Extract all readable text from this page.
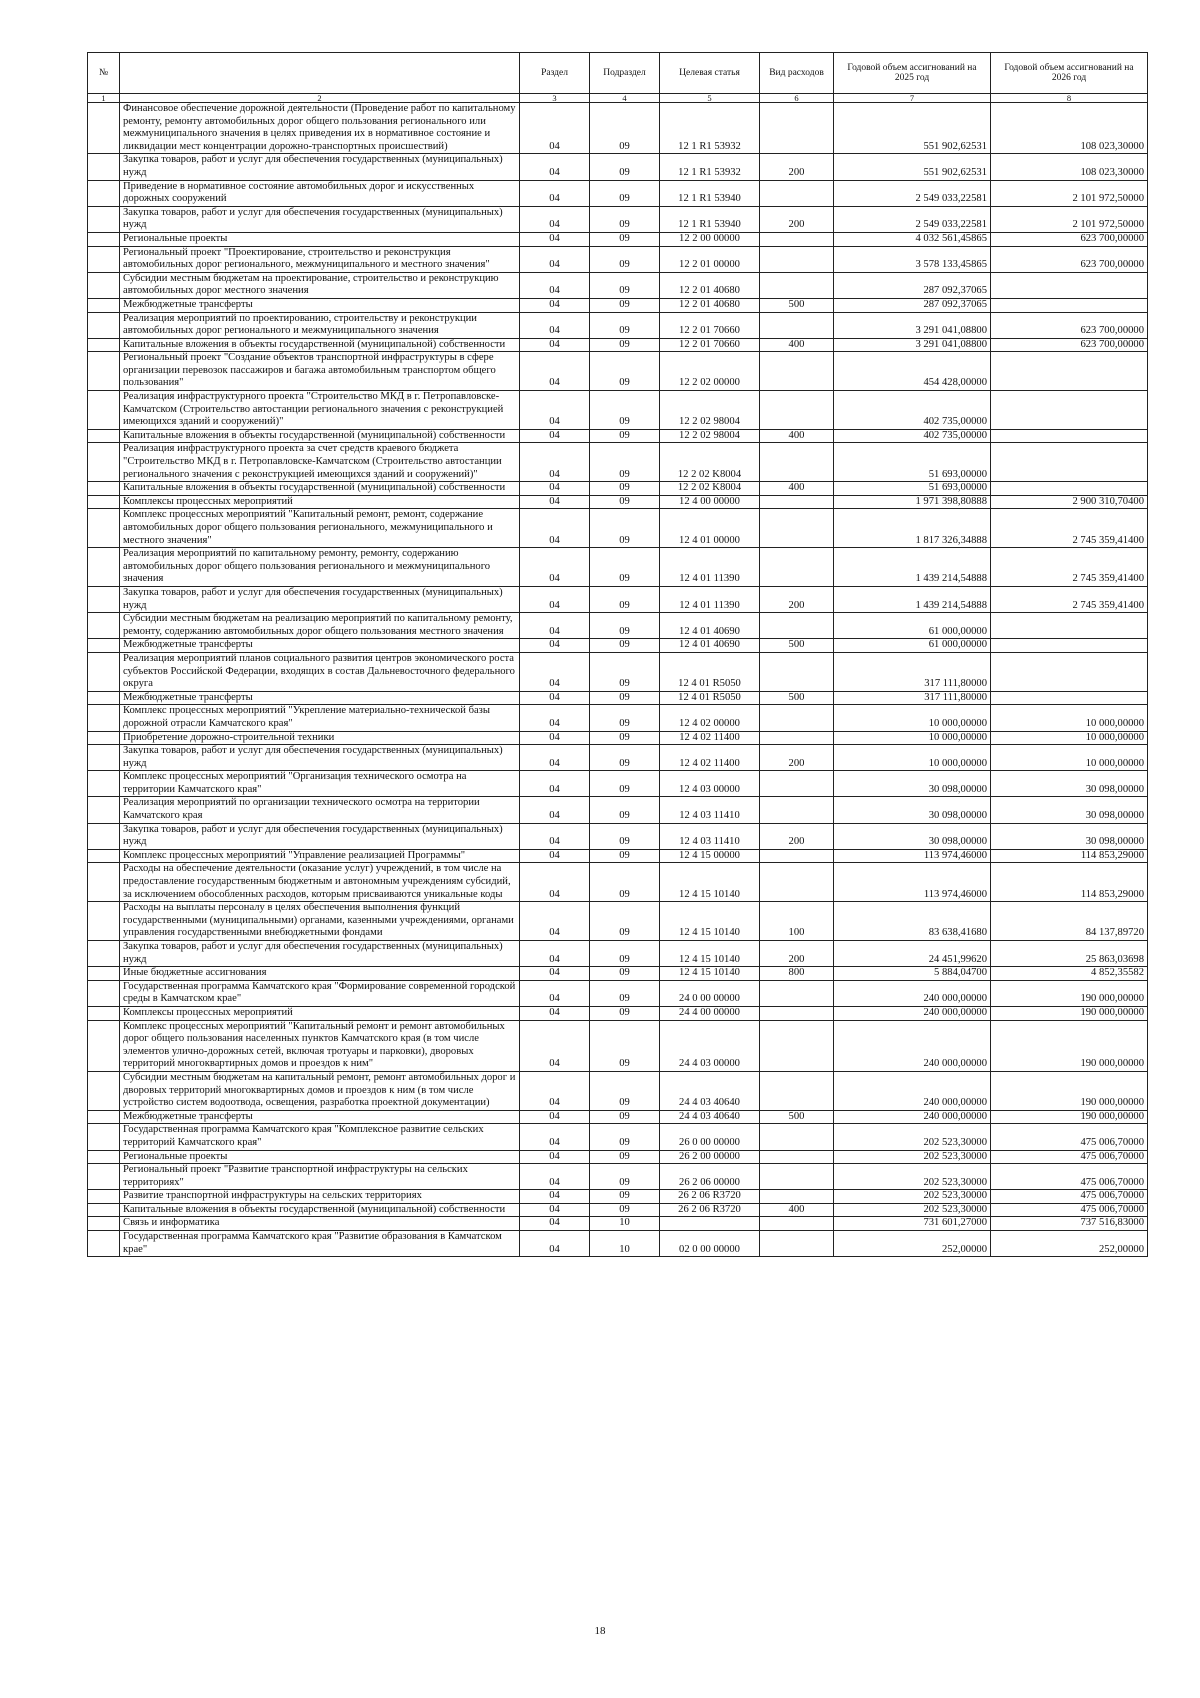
№		Раздел	Подраздел	Целевая статья	Вид расходов	Годовой объем ассигнований на 2025 год	Годовой объем ассигнований на 2026 год
1	2	3	4	5	6	7	8
	Финансовое обеспечение дорожной деятельности (Проведение работ по капитальному ремонту, ремонту автомобильных дорог общего пользования регионального или межмуниципального значения в целях приведения их в нормативное состояние и ликвидации мест концентрации дорожно-транспортных происшествий)	04	09	12 1 R1 53932		551 902,62531	108 023,30000
	Закупка товаров, работ и услуг для обеспечения государственных (муниципальных) нужд	04	09	12 1 R1 53932	200	551 902,62531	108 023,30000
	Приведение в нормативное состояние автомобильных дорог и искусственных дорожных сооружений	04	09	12 1 R1 53940		2 549 033,22581	2 101 972,50000
	Закупка товаров, работ и услуг для обеспечения государственных (муниципальных) нужд	04	09	12 1 R1 53940	200	2 549 033,22581	2 101 972,50000
	Региональные проекты	04	09	12 2 00 00000		4 032 561,45865	623 700,00000
	Региональный проект "Проектирование, строительство и реконструкция автомобильных дорог регионального, межмуниципального и местного значения"	04	09	12 2 01 00000		3 578 133,45865	623 700,00000
	Субсидии местным бюджетам на проектирование, строительство и реконструкцию автомобильных дорог местного значения	04	09	12 2 01 40680		287 092,37065	
	Межбюджетные трансферты	04	09	12 2 01 40680	500	287 092,37065	
	Реализация мероприятий по проектированию, строительству и реконструкции автомобильных дорог регионального и межмуниципального значения	04	09	12 2 01 70660		3 291 041,08800	623 700,00000
	Капитальные вложения в объекты государственной (муниципальной) собственности	04	09	12 2 01 70660	400	3 291 041,08800	623 700,00000
	Региональный проект "Создание объектов транспортной инфраструктуры в сфере организации перевозок пассажиров и багажа автомобильным транспортом общего пользования"	04	09	12 2 02 00000		454 428,00000	
	Реализация инфраструктурного проекта "Строительство МКД в г. Петропавловске-Камчатском (Строительство автостанции регионального значения с реконструкцией имеющихся зданий и сооружений)"	04	09	12 2 02 98004		402 735,00000	
	Капитальные вложения в объекты государственной (муниципальной) собственности	04	09	12 2 02 98004	400	402 735,00000	
	Реализация инфраструктурного проекта за счет средств краевого бюджета "Строительство МКД в г. Петропавловске-Камчатском (Строительство автостанции регионального значения с реконструкцией имеющихся зданий и сооружений)"	04	09	12 2 02 K8004		51 693,00000	
	Капитальные вложения в объекты государственной (муниципальной) собственности	04	09	12 2 02 K8004	400	51 693,00000	
	Комплексы процессных мероприятий	04	09	12 4 00 00000		1 971 398,80888	2 900 310,70400
	Комплекс процессных мероприятий "Капитальный ремонт, ремонт, содержание автомобильных дорог общего пользования регионального, межмуниципального и местного значения"	04	09	12 4 01 00000		1 817 326,34888	2 745 359,41400
	Реализация мероприятий по капитальному ремонту, ремонту, содержанию автомобильных дорог общего пользования регионального и межмуниципального значения	04	09	12 4 01 11390		1 439 214,54888	2 745 359,41400
	Закупка товаров, работ и услуг для обеспечения государственных (муниципальных) нужд	04	09	12 4 01 11390	200	1 439 214,54888	2 745 359,41400
	Субсидии местным бюджетам на реализацию мероприятий по капитальному ремонту, ремонту, содержанию автомобильных дорог общего пользования местного значения	04	09	12 4 01 40690		61 000,00000	
	Межбюджетные трансферты	04	09	12 4 01 40690	500	61 000,00000	
	Реализация мероприятий планов социального развития центров экономического роста субъектов Российской Федерации, входящих в состав Дальневосточного федерального округа	04	09	12 4 01 R5050		317 111,80000	
	Межбюджетные трансферты	04	09	12 4 01 R5050	500	317 111,80000	
	Комплекс процессных мероприятий "Укрепление материально-технической базы дорожной отрасли Камчатского края"	04	09	12 4 02 00000		10 000,00000	10 000,00000
	Приобретение дорожно-строительной техники	04	09	12 4 02 11400		10 000,00000	10 000,00000
	Закупка товаров, работ и услуг для обеспечения государственных (муниципальных) нужд	04	09	12 4 02 11400	200	10 000,00000	10 000,00000
	Комплекс процессных мероприятий "Организация технического осмотра на территории Камчатского края"	04	09	12 4 03 00000		30 098,00000	30 098,00000
	Реализация мероприятий по организации технического осмотра на территории Камчатского края	04	09	12 4 03 11410		30 098,00000	30 098,00000
	Закупка товаров, работ и услуг для обеспечения государственных (муниципальных) нужд	04	09	12 4 03 11410	200	30 098,00000	30 098,00000
	Комплекс процессных мероприятий "Управление реализацией Программы"	04	09	12 4 15 00000		113 974,46000	114 853,29000
	Расходы на обеспечение деятельности (оказание услуг) учреждений, в том числе на предоставление государственным бюджетным и автономным учреждениям субсидий, за исключением обособленных расходов, которым присваиваются уникальные коды	04	09	12 4 15 10140		113 974,46000	114 853,29000
	Расходы на выплаты персоналу в целях обеспечения выполнения функций государственными (муниципальными) органами, казенными учреждениями, органами управления государственными внебюджетными фондами	04	09	12 4 15 10140	100	83 638,41680	84 137,89720
	Закупка товаров, работ и услуг для обеспечения государственных (муниципальных) нужд	04	09	12 4 15 10140	200	24 451,99620	25 863,03698
	Иные бюджетные ассигнования	04	09	12 4 15 10140	800	5 884,04700	4 852,35582
	Государственная программа Камчатского края "Формирование современной городской среды в Камчатском крае"	04	09	24 0 00 00000		240 000,00000	190 000,00000
	Комплексы процессных мероприятий	04	09	24 4 00 00000		240 000,00000	190 000,00000
	Комплекс процессных мероприятий "Капитальный ремонт и ремонт автомобильных дорог общего пользования населенных пунктов Камчатского края (в том числе элементов улично-дорожных сетей, включая тротуары и парковки), дворовых территорий многоквартирных домов и проездов к ним"	04	09	24 4 03 00000		240 000,00000	190 000,00000
	Субсидии местным бюджетам на капитальный ремонт, ремонт автомобильных дорог и дворовых территорий многоквартирных домов и проездов к ним (в том числе устройство систем водоотвода, освещения, разработка проектной документации)	04	09	24 4 03 40640		240 000,00000	190 000,00000
	Межбюджетные трансферты	04	09	24 4 03 40640	500	240 000,00000	190 000,00000
	Государственная программа Камчатского края "Комплексное развитие сельских территорий Камчатского края"	04	09	26 0 00 00000		202 523,30000	475 006,70000
	Региональные проекты	04	09	26 2 00 00000		202 523,30000	475 006,70000
	Региональный проект "Развитие транспортной инфраструктуры на сельских территориях"	04	09	26 2 06 00000		202 523,30000	475 006,70000
	Развитие транспортной инфраструктуры на сельских территориях	04	09	26 2 06 R3720		202 523,30000	475 006,70000
	Капитальные вложения в объекты государственной (муниципальной) собственности	04	09	26 2 06 R3720	400	202 523,30000	475 006,70000
	Связь и информатика	04	10			731 601,27000	737 516,83000
	Государственная программа Камчатского края "Развитие образования в Камчатском крае"	04	10	02 0 00 00000		252,00000	252,00000
18
